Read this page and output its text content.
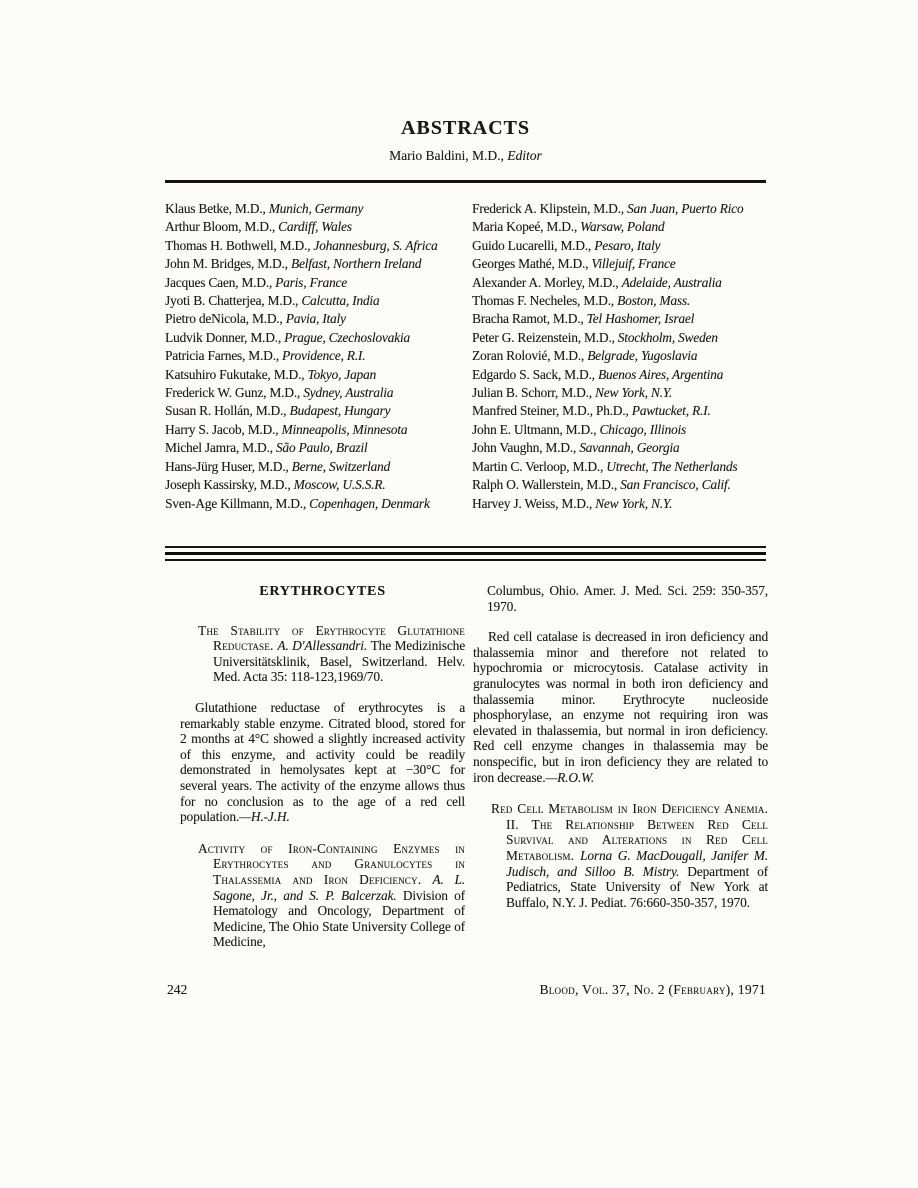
ABSTRACTS
Mario Baldini, M.D., Editor

Klaus Betke, M.D., Munich, Germany

Arthur Bloom, M.D., Cardiff, Wales

Thomas H. Bothwell, M.D., Johannesburg, S. Africa

John M. Bridges, M.D., Belfast, Northern Ireland

Jacques Caen, M.D., Paris, France

Jyoti B. Chatterjea, M.D., Calcutta, India

Pietro deNicola, M.D., Pavia, Italy

Ludvik Donner, M.D., Prague, Czechoslovakia

Patricia Farnes, M.D., Providence, R.I.

Katsuhiro Fukutake, M.D., Tokyo, Japan

Frederick W. Gunz, M.D., Sydney, Australia

Susan R. Hollán, M.D., Budapest, Hungary

Harry S. Jacob, M.D., Minneapolis, Minnesota

Michel Jamra, M.D., São Paulo, Brazil

Hans-Jürg Huser, M.D., Berne, Switzerland

Joseph Kassirsky, M.D., Moscow, U.S.S.R.

Sven-Age Killmann, M.D., Copenhagen, Denmark

Frederick A. Klipstein, M.D., San Juan, Puerto Rico

Maria Kopeé, M.D., Warsaw, Poland

Guido Lucarelli, M.D., Pesaro, Italy

Georges Mathé, M.D., Villejuif, France

Alexander A. Morley, M.D., Adelaide, Australia

Thomas F. Necheles, M.D., Boston, Mass.

Bracha Ramot, M.D., Tel Hashomer, Israel

Peter G. Reizenstein, M.D., Stockholm, Sweden

Zoran Rolovié, M.D., Belgrade, Yugoslavia

Edgardo S. Sack, M.D., Buenos Aires, Argentina

Julian B. Schorr, M.D., New York, N.Y.

Manfred Steiner, M.D., Ph.D., Pawtucket, R.I.

John E. Ultmann, M.D., Chicago, Illinois

John Vaughn, M.D., Savannah, Georgia

Martin C. Verloop, M.D., Utrecht, The Netherlands

Ralph O. Wallerstein, M.D., San Francisco, Calif.

Harvey J. Weiss, M.D., New York, N.Y.

ERYTHROCYTES

The Stability of Erythrocyte Glutathione Reductase. A. D'Allessandri. The Medizinische Universitätsklinik, Basel, Switzerland. Helv. Med. Acta 35: 118-123,1969/70.

Glutathione reductase of erythrocytes is a remarkably stable enzyme. Citrated blood, stored for 2 months at 4°C showed a slightly increased activity of this enzyme, and activity could be readily demonstrated in hemolysates kept at −30°C for several years. The activity of the enzyme allows thus for no conclusion as to the age of a red cell population.—H.-J.H.

Activity of Iron-Containing Enzymes in Erythrocytes and Granulocytes in Thalassemia and Iron Deficiency. A. L. Sagone, Jr., and S. P. Balcerzak. Division of Hematology and Oncology, Department of Medicine, The Ohio State University College of Medicine,

Columbus, Ohio. Amer. J. Med. Sci. 259: 350-357, 1970.

Red cell catalase is decreased in iron deficiency and thalassemia minor and therefore not related to hypochromia or microcytosis. Catalase activity in granulocytes was normal in both iron deficiency and thalassemia minor. Erythrocyte nucleoside phosphorylase, an enzyme not requiring iron was elevated in thalassemia, but normal in iron deficiency. Red cell enzyme changes in thalassemia may be nonspecific, but in iron deficiency they are related to iron decrease.—R.O.W.

Red Cell Metabolism in Iron Deficiency Anemia. II. The Relationship Between Red Cell Survival and Alterations in Red Cell Metabolism. Lorna G. MacDougall, Janifer M. Judisch, and Silloo B. Mistry. Department of Pediatrics, State University of New York at Buffalo, N.Y. J. Pediat. 76:660-350-357, 1970.

242	Blood, Vol. 37, No. 2 (February), 1971
